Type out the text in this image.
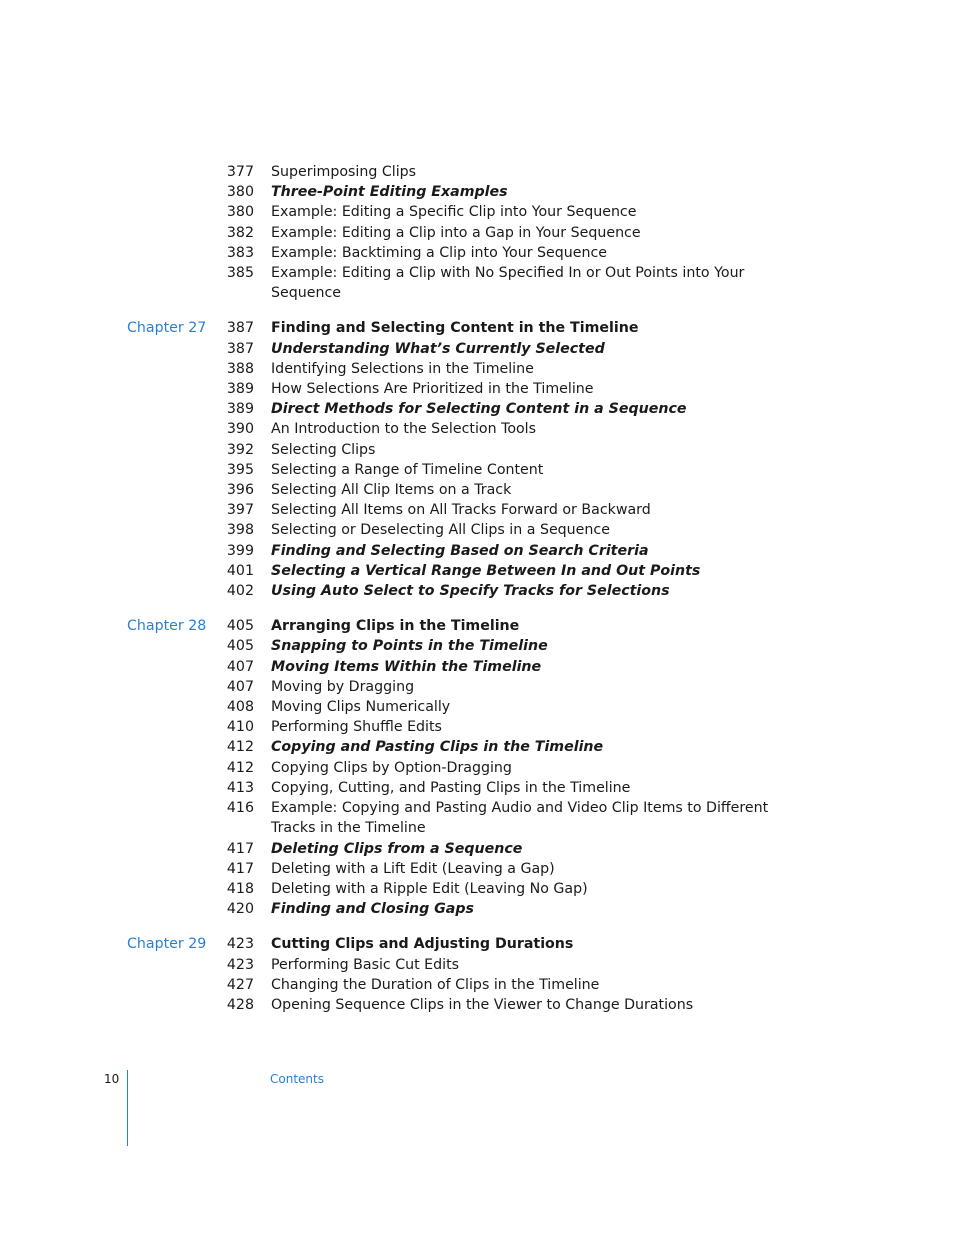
377 Superimposing Clips
380 Three-Point Editing Examples
380 Example: Editing a Specific Clip into Your Sequence
382 Example: Editing a Clip into a Gap in Your Sequence
383 Example: Backtiming a Clip into Your Sequence
385 Example: Editing a Clip with No Specified In or Out Points into Your Sequence
Chapter 27	387 Finding and Selecting Content in the Timeline
387 Understanding What’s Currently Selected
388 Identifying Selections in the Timeline
389 How Selections Are Prioritized in the Timeline
389 Direct Methods for Selecting Content in a Sequence
390 An Introduction to the Selection Tools
392 Selecting Clips
395 Selecting a Range of Timeline Content
396 Selecting All Clip Items on a Track
397 Selecting All Items on All Tracks Forward or Backward
398 Selecting or Deselecting All Clips in a Sequence
399 Finding and Selecting Based on Search Criteria
401 Selecting a Vertical Range Between In and Out Points
402 Using Auto Select to Specify Tracks for Selections
Chapter 28	405 Arranging Clips in the Timeline
405 Snapping to Points in the Timeline
407 Moving Items Within the Timeline
407 Moving by Dragging
408 Moving Clips Numerically
410 Performing Shuffle Edits
412 Copying and Pasting Clips in the Timeline
412 Copying Clips by Option-Dragging
413 Copying, Cutting, and Pasting Clips in the Timeline
416 Example: Copying and Pasting Audio and Video Clip Items to Different Tracks in the Timeline
417 Deleting Clips from a Sequence
417 Deleting with a Lift Edit (Leaving a Gap)
418 Deleting with a Ripple Edit (Leaving No Gap)
420 Finding and Closing Gaps
Chapter 29	423 Cutting Clips and Adjusting Durations
423 Performing Basic Cut Edits
427 Changing the Duration of Clips in the Timeline
428 Opening Sequence Clips in the Viewer to Change Durations
10	Contents
